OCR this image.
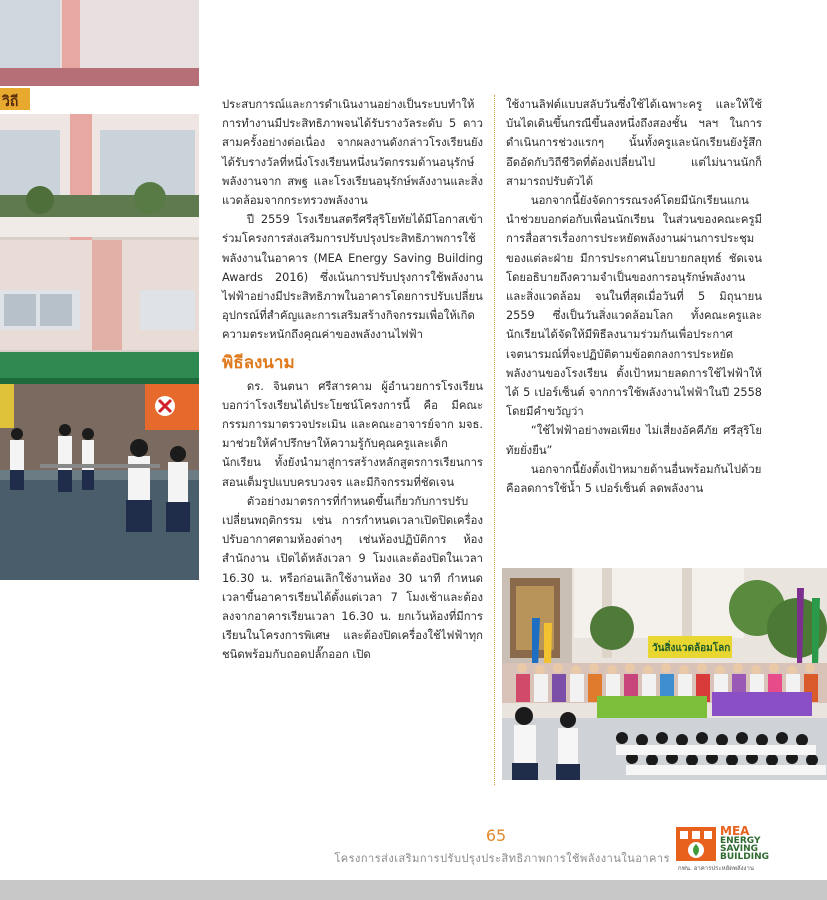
วิถี	ประสบการณ์และการดำเนินงานอย่างเป็นระบบทำให้การทำงานมีประสิทธิภาพจนได้รับรางวัลระดับ 5 ดาวสามครั้งอย่างต่อเนื่อง จากผลงานดังกล่าวโรงเรียนยังได้รับรางวัลที่หนึ่งโรงเรียนหนึ่งนวัตกรรมด้านอนุรักษ์พลังงานจาก สพฐ และโรงเรียนอนุรักษ์พลังงานและสิ่งแวดล้อมจากกระทรวงพลังงาน

ปี 2559 โรงเรียนสตรีศรีสุริโยทัยได้มีโอกาสเข้าร่วมโครงการส่งเสริมการปรับปรุงประสิทธิภาพการใช้พลังงานในอาคาร (MEA Energy Saving Building Awards 2016) ซึ่งเน้นการปรับปรุงการใช้พลังงานไฟฟ้าอย่างมีประสิทธิภาพในอาคารโดยการปรับเปลี่ยนอุปกรณ์ที่สำคัญและการเสริมสร้างกิจกรรมเพื่อให้เกิดความตระหนักถึงคุณค่าของพลังงานไฟฟ้า

พิธีลงนาม

ดร. จินตนา ศรีสารคาม ผู้อำนวยการโรงเรียน บอกว่าโรงเรียนได้ประโยชน์โครงการนี้ คือ มีคณะกรรมการมาตรวจประเมิน และคณะอาจารย์จาก มจธ. มาช่วยให้คำปรึกษาให้ความรู้กับคุณครูและเด็กนักเรียน ทั้งยังนำมาสู่การสร้างหลักสูตรการเรียนการสอนเต็มรูปแบบครบวงจร และมีกิจกรรมที่ชัดเจน

ตัวอย่างมาตรการที่กำหนดขึ้นเกี่ยวกับการปรับเปลี่ยนพฤติกรรม เช่น การกำหนดเวลาเปิดปิดเครื่องปรับอากาศตามห้องต่างๆ เช่นห้องปฏิบัติการ ห้องสำนักงาน เปิดได้หลังเวลา 9 โมงและต้องปิดในเวลา 16.30 น. หรือก่อนเลิกใช้งานห้อง 30 นาที กำหนดเวลาขึ้นอาคารเรียนได้ตั้งแต่เวลา 7 โมงเช้าและต้องลงจากอาคารเรียนเวลา 16.30 น. ยกเว้นห้องที่มีการเรียนในโครงการพิเศษ และต้องปิดเครื่องใช้ไฟฟ้าทุกชนิดพร้อมกับถอดปลั๊กออก เปิด

ใช้งานลิฟต์แบบสลับวันซึ่งใช้ได้เฉพาะครู และให้ใช้บันไดเดินขึ้นกรณีขึ้นลงหนึ่งถึงสองชั้น ฯลฯ ในการดำเนินการช่วงแรกๆ นั้นทั้งครูและนักเรียนยังรู้สึกอึดอัดกับวิถีชีวิตที่ต้องเปลี่ยนไป แต่ไม่นานนักก็สามารถปรับตัวได้

นอกจากนี้ยังจัดการรณรงค์โดยมีนักเรียนแกนนำช่วยบอกต่อกับเพื่อนนักเรียน ในส่วนของคณะครูมีการสื่อสารเรื่องการประหยัดพลังงานผ่านการประชุมของแต่ละฝ่าย มีการประกาศนโยบายกลยุทธ์ ชัดเจน โดยอธิบายถึงความจำเป็นของการอนุรักษ์พลังงานและสิ่งแวดล้อม จนในที่สุดเมื่อวันที่ 5 มิถุนายน 2559 ซึ่งเป็นวันสิ่งแวดล้อมโลก ทั้งคณะครูและนักเรียนได้จัดให้มีพิธีลงนามร่วมกันเพื่อประกาศเจตนารมณ์ที่จะปฏิบัติตามข้อตกลงการประหยัดพลังงานของโรงเรียน ตั้งเป้าหมายลดการใช้ไฟฟ้าให้ได้ 5 เปอร์เซ็นต์ จากการใช้พลังงานไฟฟ้าในปี 2558 โดยมีคำขวัญว่า

“ใช้ไฟฟ้าอย่างพอเพียง ไม่เสี่ยงอัคคีภัย ศรีสุริโยทัยยั่งยืน”

นอกจากนี้ยังตั้งเป้าหมายด้านอื่นพร้อมกันไปด้วย คือลดการใช้น้ำ 5 เปอร์เซ็นต์ ลดพลังงาน

วันสิ่งแวดล้อมโลก
65
โครงการส่งเสริมการปรับปรุงประสิทธิภาพการใช้พลังงานในอาคาร
MEA
ENERGY
SAVING
BUILDING
กฟน. อาคารประหยัดพลังงาน
